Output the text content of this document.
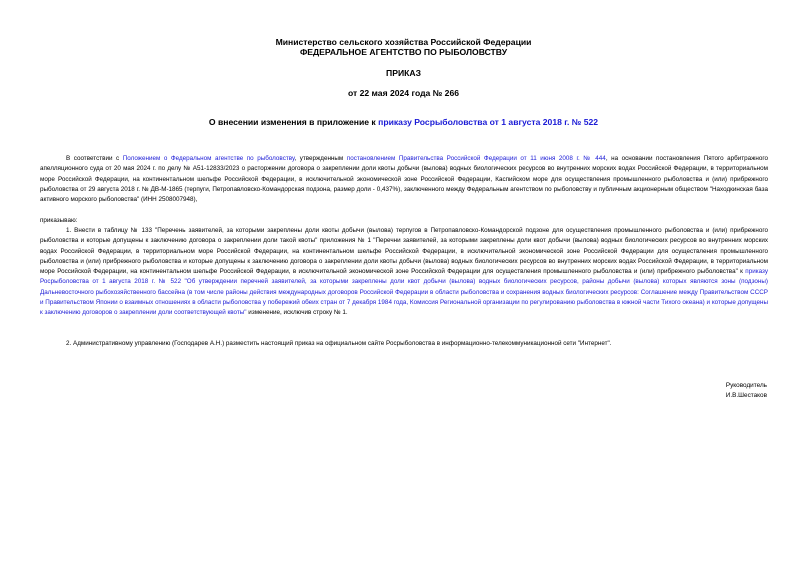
Министерство сельского хозяйства Российской Федерации
ФЕДЕРАЛЬНОЕ АГЕНТСТВО ПО РЫБОЛОВСТВУ
ПРИКАЗ
от 22 мая 2024 года № 266
О внесении изменения в приложение к приказу Росрыболовства от 1 августа 2018 г. № 522

В соответствии с Положением о Федеральном агентстве по рыболовству, утвержденным постановлением Правительства Российской Федерации от 11 июня 2008 г. № 444, на основании постановления Пятого арбитражного апелляционного суда от 20 мая 2024 г. по делу № А51-12833/2023 о расторжении договора о закреплении доли квоты добычи (вылова) водных биологических ресурсов во внутренних морских водах Российской Федерации, в территориальном море Российской Федерации, на континентальном шельфе Российской Федерации, в исключительной экономической зоне Российской Федерации, Каспийском море для осуществления промышленного рыболовства и (или) прибрежного рыболовства от 29 августа 2018 г. № ДВ-М-1865 (терпуги, Петропавловско-Командорская подзона, размер доли - 0,437%), заключенного между Федеральным агентством по рыболовству и публичным акционерным обществом "Находкинская база активного морского рыболовства" (ИНН 2508007948),

приказываю:

1. Внести в таблицу № 133 "Перечень заявителей, за которыми закреплены доли квоты добычи (вылова) терпугов в Петропавловско-Командорской подзоне для осуществления промышленного рыболовства и (или) прибрежного рыболовства и которые допущены к заключению договора о закреплении доли такой квоты" приложения № 1 "Перечни заявителей, за которыми закреплены доли квот добычи (вылова) водных биологических ресурсов во внутренних морских водах Российской Федерации, в территориальном море Российской Федерации, на континентальном шельфе Российской Федерации, в исключительной экономической зоне Российской Федерации для осуществления промышленного рыболовства и (или) прибрежного рыболовства и которые допущены к заключению договора о закреплении доли квоты добычи (вылова) водных биологических ресурсов во внутренних морских водах Российской Федерации, в территориальном море Российской Федерации, на континентальном шельфе Российской Федерации, в исключительной экономической зоне Российской Федерации для осуществления промышленного рыболовства и (или) прибрежного рыболовства" к приказу Росрыболовства от 1 августа 2018 г. № 522 "Об утверждении перечней заявителей, за которыми закреплены доли квот добычи (вылова) водных биологических ресурсов, районы добычи (вылова) которых являются зоны (подзоны) Дальневосточного рыбохозяйственного бассейна (в том числе районы действия международных договоров Российской Федерации в области рыболовства и сохранения водных биологических ресурсов: Соглашение между Правительством СССР и Правительством Японии о взаимных отношениях в области рыболовства у побережий обеих стран от 7 декабря 1984 года, Комиссия Региональной организации по регулированию рыболовства в южной части Тихого океана) и которые допущены к заключению договоров о закреплении доли соответствующей квоты" изменение, исключив строку № 1.

2. Административному управлению (Господарев А.Н.) разместить настоящий приказ на официальном сайте Росрыболовства в информационно-телекоммуникационной сети "Интернет".

Руководитель
И.В.Шестаков
